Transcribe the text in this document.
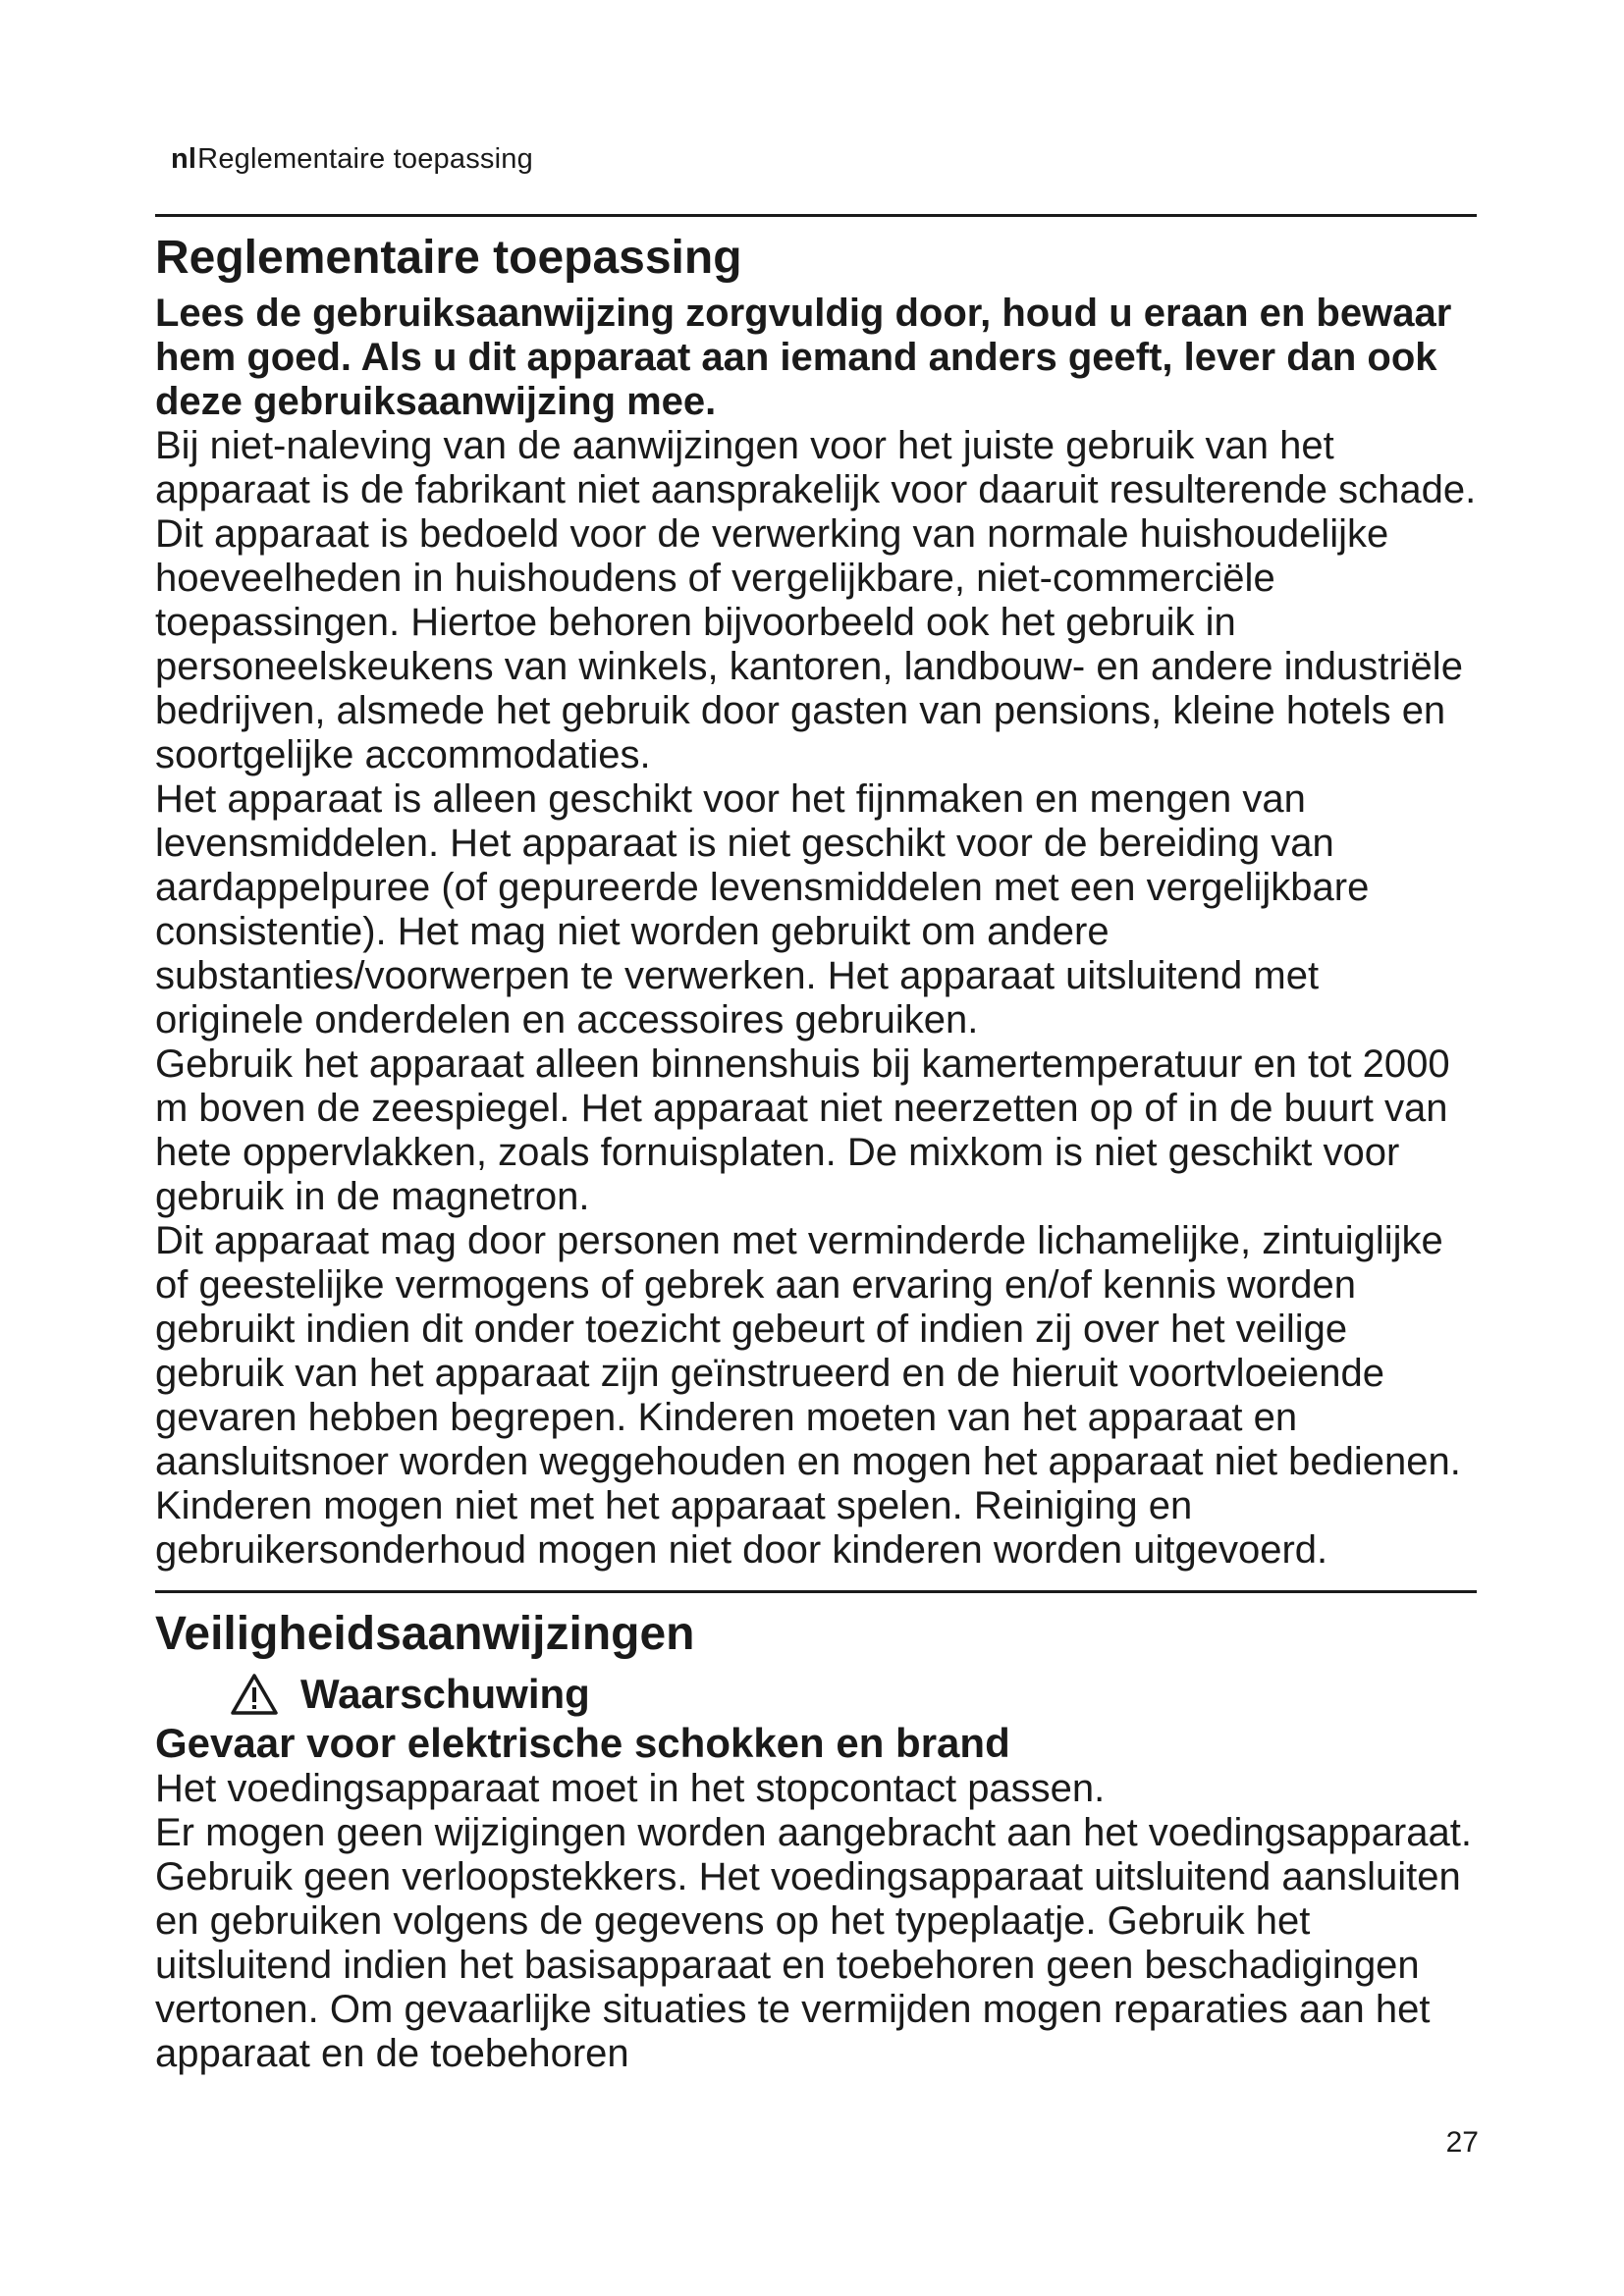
nlReglementaire toepassing
Reglementaire toepassing

Lees de gebruiksaanwijzing zorgvuldig door, houd u eraan en bewaar hem goed. Als u dit apparaat aan iemand anders geeft, lever dan ook deze gebruiksaanwijzing mee.

Bij niet-naleving van de aanwijzingen voor het juiste gebruik van het apparaat is de fabrikant niet aansprakelijk voor daaruit resulterende schade.

Dit apparaat is bedoeld voor de verwerking van normale huishoudelijke hoeveelheden in huishoudens of vergelijkbare, niet-commerciële toepassingen. Hiertoe behoren bijvoorbeeld ook het gebruik in personeelskeukens van winkels, kantoren, landbouw- en andere industriële bedrijven, alsmede het gebruik door gasten van pensions, kleine hotels en soortgelijke accommodaties.

Het apparaat is alleen geschikt voor het fijnmaken en mengen van levensmiddelen. Het apparaat is niet geschikt voor de bereiding van aardappelpuree (of gepureerde levensmiddelen met een vergelijkbare consistentie). Het mag niet worden gebruikt om andere substanties/voorwerpen te verwerken. Het apparaat uitsluitend met originele onderdelen en accessoires gebruiken.

Gebruik het apparaat alleen binnenshuis bij kamertemperatuur en tot 2000 m boven de zeespiegel. Het apparaat niet neerzetten op of in de buurt van hete oppervlakken, zoals fornuisplaten. De mixkom is niet geschikt voor gebruik in de magnetron.

Dit apparaat mag door personen met verminderde lichamelijke, zintuiglijke of geestelijke vermogens of gebrek aan ervaring en/of kennis worden gebruikt indien dit onder toezicht gebeurt of indien zij over het veilige gebruik van het apparaat zijn geïnstrueerd en de hieruit voortvloeiende gevaren hebben begrepen. Kinderen moeten van het apparaat en aansluitsnoer worden weggehouden en mogen het apparaat niet bedienen. Kinderen mogen niet met het apparaat spelen. Reiniging en gebruikersonderhoud mogen niet door kinderen worden uitgevoerd.

Veiligheidsaanwijzingen
Waarschuwing

Gevaar voor elektrische schokken en brand

Het voedingsapparaat moet in het stopcontact passen.

Er mogen geen wijzigingen worden aangebracht aan het voedingsapparaat. Gebruik geen verloopstekkers. Het voedingsapparaat uitsluitend aansluiten en gebruiken volgens de gegevens op het typeplaatje. Gebruik het uitsluitend indien het basisapparaat en toebehoren geen beschadigingen vertonen. Om gevaarlijke situaties te vermijden mogen reparaties aan het apparaat en de toebehoren

27
